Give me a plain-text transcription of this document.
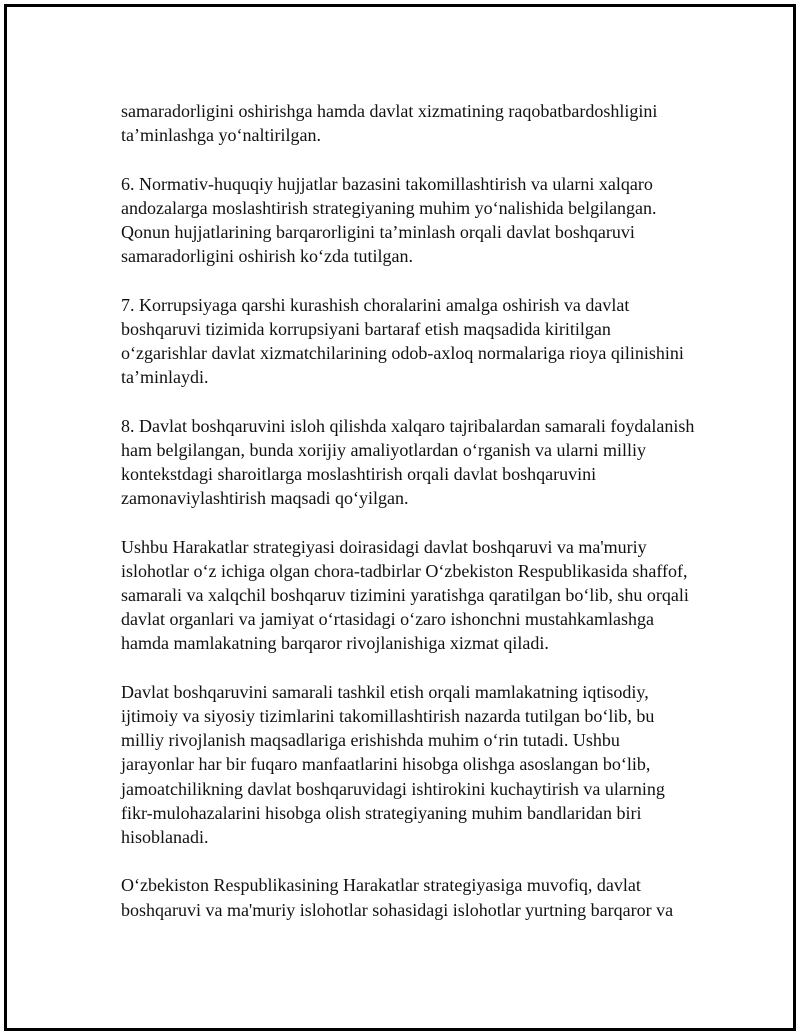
samaradorligini oshirishga hamda davlat xizmatining raqobatbardoshligini ta’minlashga yo‘naltirilgan.

6. Normativ-huquqiy hujjatlar bazasini takomillashtirish va ularni xalqaro andozalarga moslashtirish strategiyaning muhim yo‘nalishida belgilangan. Qonun hujjatlarining barqarorligini ta’minlash orqali davlat boshqaruvi samaradorligini oshirish ko‘zda tutilgan.

7. Korrupsiyaga qarshi kurashish choralarini amalga oshirish va davlat boshqaruvi tizimida korrupsiyani bartaraf etish maqsadida kiritilgan o‘zgarishlar davlat xizmatchilarining odob-axloq normalariga rioya qilinishini ta’minlaydi.

8. Davlat boshqaruvini isloh qilishda xalqaro tajribalardan samarali foydalanish ham belgilangan, bunda xorijiy amaliyotlardan o‘rganish va ularni milliy kontekstdagi sharoitlarga moslashtirish orqali davlat boshqaruvini zamonaviylashtirish maqsadi qo‘yilgan.

Ushbu Harakatlar strategiyasi doirasidagi davlat boshqaruvi va ma'muriy islohotlar o‘z ichiga olgan chora-tadbirlar O‘zbekiston Respublikasida shaffof, samarali va xalqchil boshqaruv tizimini yaratishga qaratilgan bo‘lib, shu orqali davlat organlari va jamiyat o‘rtasidagi o‘zaro ishonchni mustahkamlashga hamda mamlakatning barqaror rivojlanishiga xizmat qiladi.

Davlat boshqaruvini samarali tashkil etish orqali mamlakatning iqtisodiy, ijtimoiy va siyosiy tizimlarini takomillashtirish nazarda tutilgan bo‘lib, bu milliy rivojlanish maqsadlariga erishishda muhim o‘rin tutadi. Ushbu jarayonlar har bir fuqaro manfaatlarini hisobga olishga asoslangan bo‘lib, jamoatchilikning davlat boshqaruvidagi ishtirokini kuchaytirish va ularning fikr-mulohazalarini hisobga olish strategiyaning muhim bandlaridan biri hisoblanadi.

O‘zbekiston Respublikasining Harakatlar strategiyasiga muvofiq, davlat boshqaruvi va ma'muriy islohotlar sohasidagi islohotlar yurtning barqaror va
